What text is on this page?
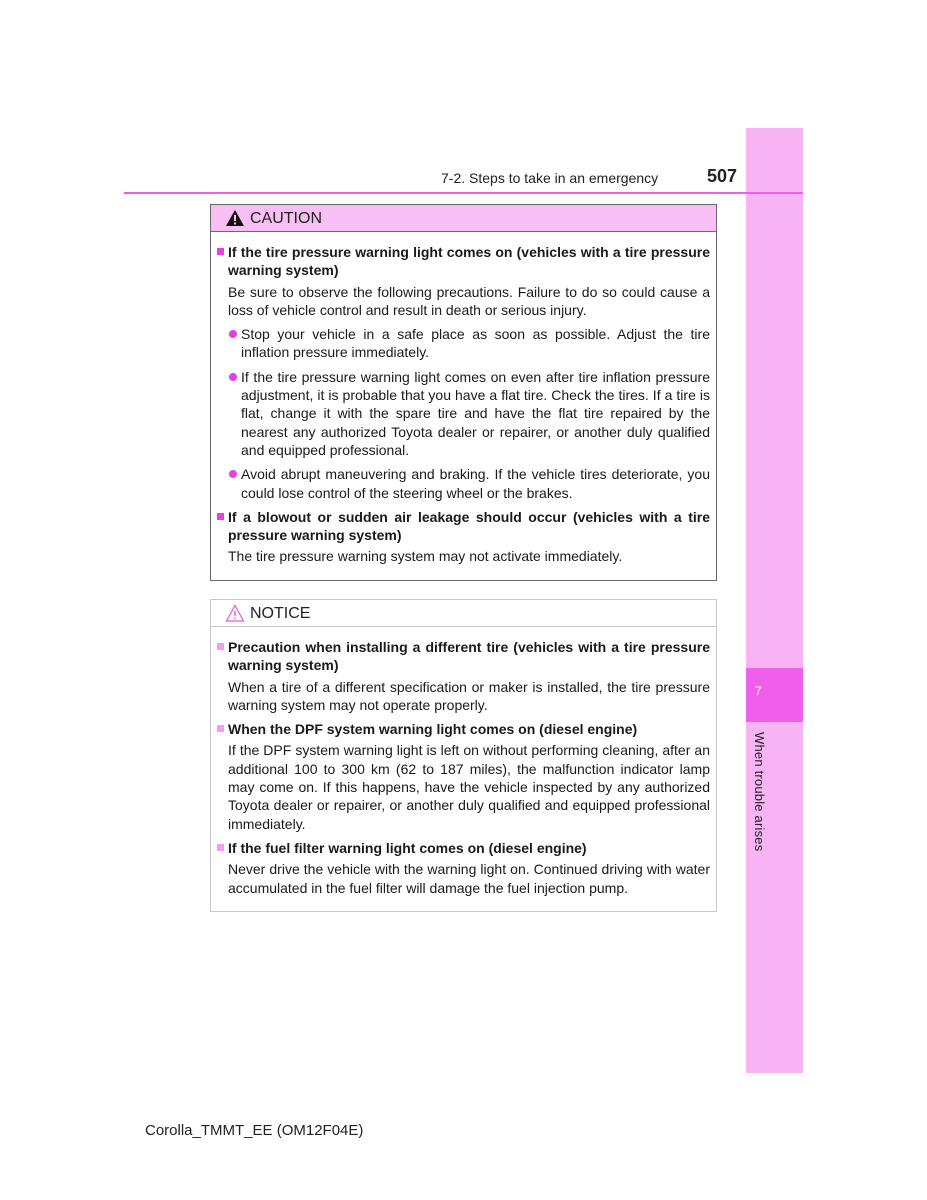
7
When trouble arises
7-2. Steps to take in an emergency	507
CAUTION
If the tire pressure warning light comes on (vehicles with a tire pressure warning system)
Be sure to observe the following precautions. Failure to do so could cause a loss of vehicle control and result in death or serious injury.
Stop your vehicle in a safe place as soon as possible. Adjust the tire inflation pressure immediately.
If the tire pressure warning light comes on even after tire inflation pressure adjustment, it is probable that you have a flat tire. Check the tires. If a tire is flat, change it with the spare tire and have the flat tire repaired by the nearest any authorized Toyota dealer or repairer, or another duly qualified and equipped professional.
Avoid abrupt maneuvering and braking. If the vehicle tires deteriorate, you could lose control of the steering wheel or the brakes.
If a blowout or sudden air leakage should occur (vehicles with a tire pressure warning system)
The tire pressure warning system may not activate immediately.
NOTICE
Precaution when installing a different tire (vehicles with a tire pressure warning system)
When a tire of a different specification or maker is installed, the tire pressure warning system may not operate properly.
When the DPF system warning light comes on (diesel engine)
If the DPF system warning light is left on without performing cleaning, after an additional 100 to 300 km (62 to 187 miles), the malfunction indicator lamp may come on. If this happens, have the vehicle inspected by any authorized Toyota dealer or repairer, or another duly qualified and equipped professional immediately.
If the fuel filter warning light comes on (diesel engine)
Never drive the vehicle with the warning light on. Continued driving with water accumulated in the fuel filter will damage the fuel injection pump.
Corolla_TMMT_EE (OM12F04E)
